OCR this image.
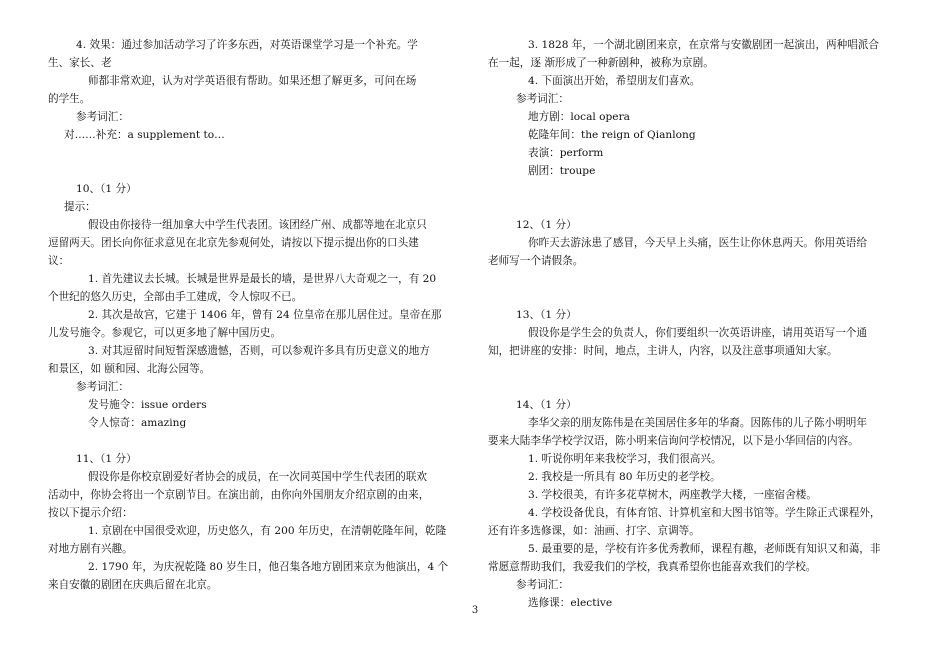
4. 效果：通过参加活动学习了许多东西，对英语课堂学习是一个补充。学

生、家长、老

师都非常欢迎，认为对学英语很有帮助。如果还想了解更多，可问在场

的学生。

参考词汇：

对……补充：a supplement to…

10、（1 分）

提示：

假设由你接待一组加拿大中学生代表团。该团经广州、成都等地在北京只

逗留两天。团长向你征求意见在北京先参观何处，请按以下提示提出你的口头建

议：

1. 首先建议去长城。长城是世界是最长的墙，是世界八大奇观之一，有 20

个世纪的悠久历史，全部由手工建成，令人惊叹不已。

2. 其次是故宫，它建于 1406 年，曾有 24 位皇帝在那儿居住过。皇帝在那

儿发号施令。参观它，可以更多地了解中国历史。

3. 对其逗留时间短暂深感遗憾，否则，可以参观许多具有历史意义的地方

和景区，如 颐和园、北海公园等。

参考词汇：

发号施令：issue orders

令人惊奇：amazing

11、（1 分）

假设你是你校京剧爱好者协会的成员，在一次同英国中学生代表团的联欢

活动中，你协会将出一个京剧节目。在演出前，由你向外国朋友介绍京剧的由来，

按以下提示介绍：

1. 京剧在中国很受欢迎，历史悠久，有 200 年历史，在清朝乾隆年间，乾隆

对地方剧有兴趣。

2. 1790 年，为庆祝乾隆 80 岁生日，他召集各地方剧团来京为他演出，4 个

来自安徽的剧团在庆典后留在北京。

3. 1828 年，一个湖北剧团来京，在京常与安徽剧团一起演出，两种唱派合

在一起，逐 渐形成了一种新剧种，被称为京剧。

4. 下面演出开始，希望朋友们喜欢。

参考词汇：

地方剧：local opera

乾隆年间：the reign of Qianlong

表演：perform

剧团：troupe

12、（1 分）

你昨天去游泳患了感冒，今天早上头痛，医生让你休息两天。你用英语给

老师写一个请假条。

13、（1 分）

假设你是学生会的负责人，你们要组织一次英语讲座，请用英语写一个通

知，把讲座的安排：时间，地点，主讲人，内容，以及注意事项通知大家。

14、（1 分）

李华父亲的朋友陈伟是在美国居住多年的华裔。因陈伟的儿子陈小明明年

要来大陆李华学校学汉语，陈小明来信询问学校情况，以下是小华回信的内容。

1. 听说你明年来我校学习，我们很高兴。

2. 我校是一所具有 80 年历史的老学校。

3. 学校很美，有许多花草树木，两座教学大楼，一座宿舍楼。

4. 学校设备优良，有体育馆、计算机室和大图书馆等。学生除正式课程外，

还有许多选修课，如：油画、打字、京调等。

5. 最重要的是，学校有许多优秀教师，课程有趣，老师既有知识又和蔼，非

常愿意帮助我们，我爱我们的学校，我真希望你也能喜欢我们的学校。

参考词汇：

选修课：elective

3
